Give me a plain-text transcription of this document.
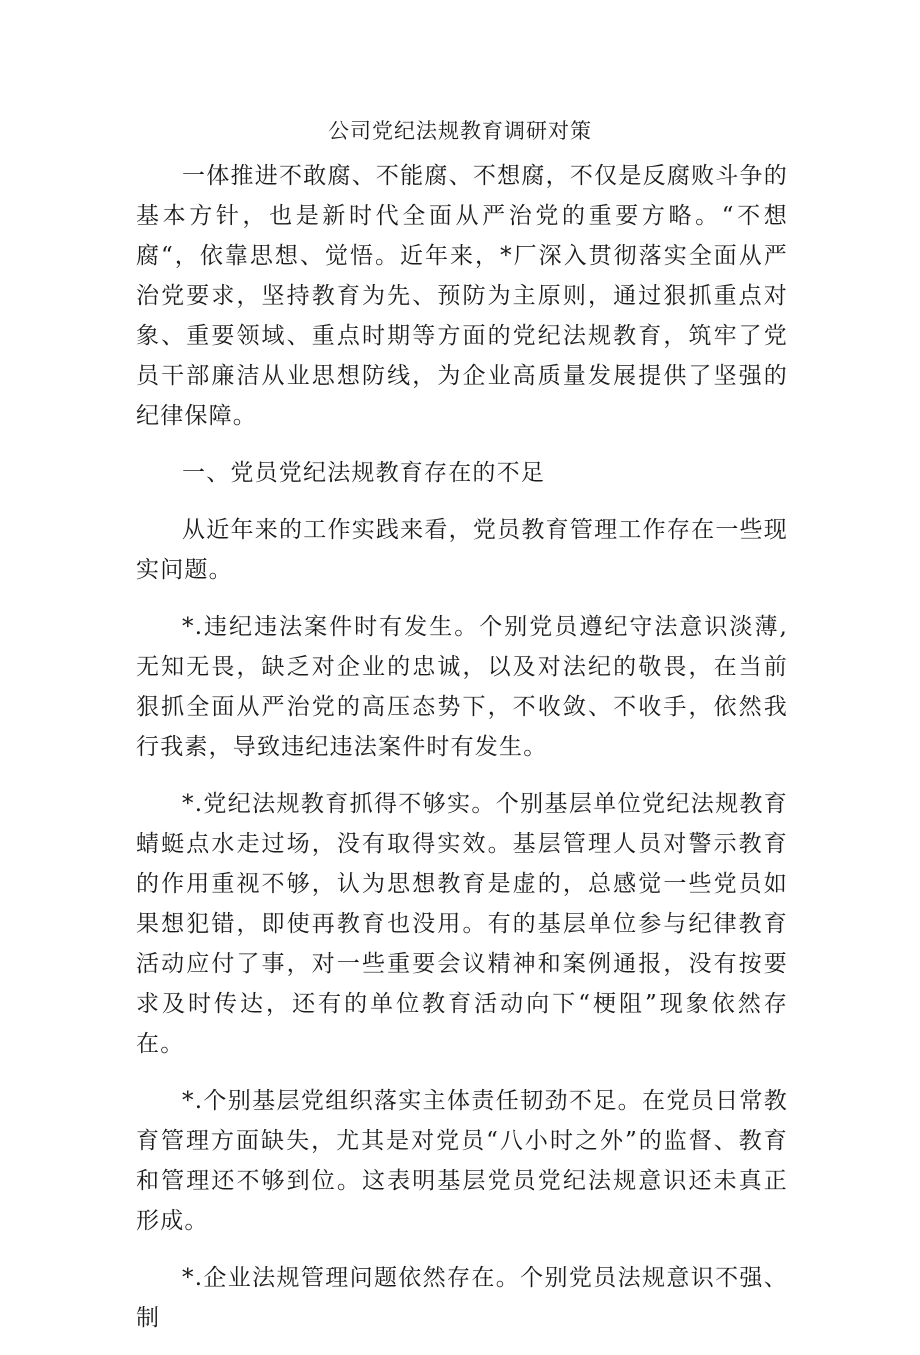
公司党纪法规教育调研对策

一体推进不敢腐、不能腐、不想腐，不仅是反腐败斗争的基本方针，也是新时代全面从严治党的重要方略。“不想腐“，依靠思想、觉悟。近年来，*厂深入贯彻落实全面从严治党要求，坚持教育为先、预防为主原则，通过狠抓重点对象、重要领域、重点时期等方面的党纪法规教育，筑牢了党员干部廉洁从业思想防线，为企业高质量发展提供了坚强的纪律保障。

一、党员党纪法规教育存在的不足

从近年来的工作实践来看，党员教育管理工作存在一些现实问题。

*.违纪违法案件时有发生。个别党员遵纪守法意识淡薄,无知无畏，缺乏对企业的忠诚，以及对法纪的敬畏，在当前狠抓全面从严治党的高压态势下，不收敛、不收手，依然我行我素，导致违纪违法案件时有发生。

*.党纪法规教育抓得不够实。个别基层单位党纪法规教育蜻蜓点水走过场，没有取得实效。基层管理人员对警示教育的作用重视不够，认为思想教育是虚的，总感觉一些党员如果想犯错，即使再教育也没用。有的基层单位参与纪律教育活动应付了事，对一些重要会议精神和案例通报，没有按要求及时传达，还有的单位教育活动向下“梗阻”现象依然存在。

*.个别基层党组织落实主体责任韧劲不足。在党员日常教育管理方面缺失，尤其是对党员“八小时之外”的监督、教育和管理还不够到位。这表明基层党员党纪法规意识还未真正形成。

*.企业法规管理问题依然存在。个别党员法规意识不强、制
